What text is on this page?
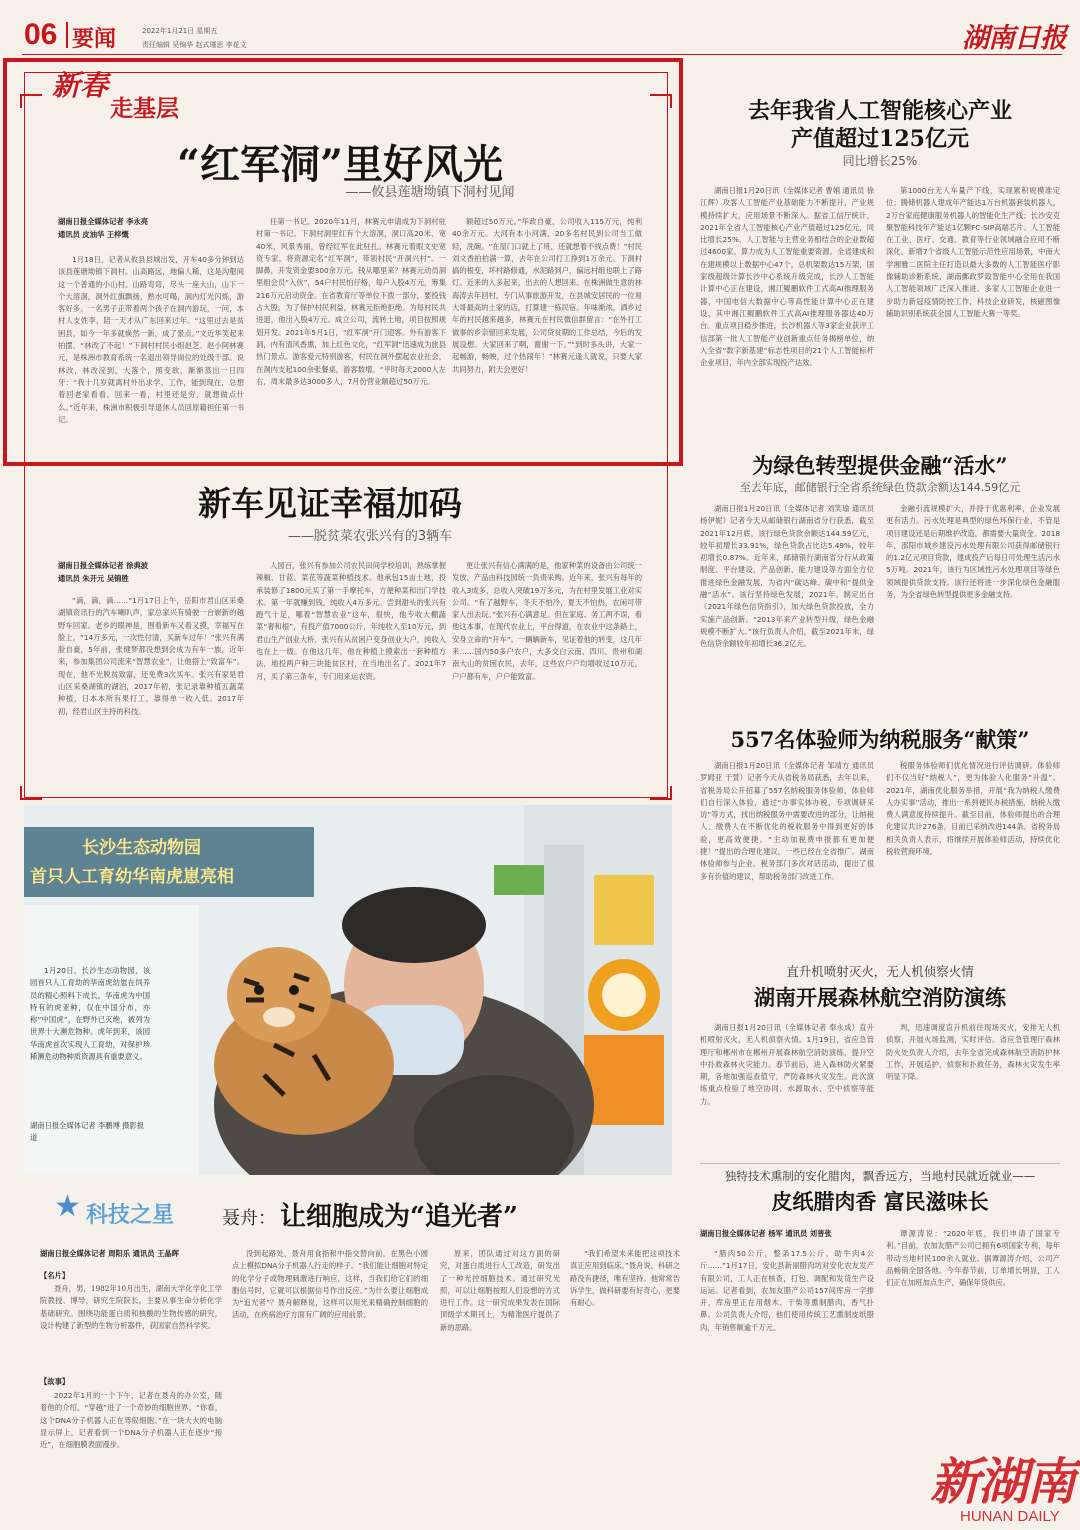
06 要闻	2022年1月21日 星期五
责任编辑 吴锦华 赵式瑾思 李花文	湖南日报
新春
走基层
“红军洞”里好风光
——攸县莲塘坳镇下洞村见闻
湖南日报全媒体记者 李永亮
通讯员 皮油华 王梓慨
1月18日，记者从攸县县城出发，开车40多分钟到达该县莲塘坳镇下洞村。山高路远，地偏人稀，这是沟壑间这一个普通的小山村。山路弯弯，尽头一座大山，山下一个大溶洞，洞外红旗飘扬，熟水可喝，洞内灯光闪烁，游客好多。一名男子正带着两个孩子在洞内游玩，一问，本村人支姓李，陪一天才从广东回来过年。“这里过去是贫困县，如今一年多就焕然一新，成了景点。”文近华笑起来拍摆，“林改了不起！”下洞村村民小组赵芝、赵小阿林赛元，是株洲市教育系统一名退出领导岗位的处级干部。说林改，林改浣到，大落个，照变欲，渐渐蒸出一日四牙：“我十几岁就离村外出求学、工作，能到现在，总想着回老家看看。回来一看，村里还是穷，就想做点什么。”近年来，株洲市积极引导退休人员回原籍担任第一书记。
任第一书记。2020年11月，林赛元申请成为下洞村驻村第一书记。下洞村洞里红有个大溶洞，洞口高20米、宽40米，风景秀丽，曾经红军在此驻扎。林赛元着眼文史宽资专家，将资源定名“红军洞”，带领村民“开洞兴村”。一脚鼻，开发资金要300余万元。钱从哪里来？林赛元动员洞里组会员“入伙”，54户村民怕仔格，每户入股4万元，筹集216万元启动资金。在省教育厅等单位下拨一部分，要投钱占大股，为了保护村民利益，林赛元拒绝拒绝。为每村民共进退，他出入股4万元。成立公司，流转土地，项目按照规划开发。2021年5月1日，“红军洞”开门迎客。外有游客下洞，内有清风香熏，加上红色文化，“红军洞”迅速成为旅县热门景点。游客爱元特别游客，村民在洞外摆起农业社会，在洞内支起100余张餐桌，游客数增。“平时每天2000人左右，周末最多达3000多人，7月份营业额超过50万元。
额超过50万元。”华政自豪，公司收入115万元，纯利40余万元。大河有本小河满，20多名村民到公司当工做轻，洗碗。“在屋门口就上了班，还就想着不找点费！”村民刘文香拍拍满一算，去年在公司打工挣到1万余元。下洞村搞的根变，坏村路修通，水泥路到户，偏远村组也联上了路灯。近来的入多起来，出去的人想回来。在株洲做生意的林海涛去年回村，专门从事旅游开发，在县城安居民的一位易大哥最高的土家的店，打算建一栋民宿。年味渐浓，洒乡过年的村民越来越多，林赛元在村民微信群留言：“在外打工做事的乡亲留回来发展，公司贷贫期的工作总结，今后的发展设想。大家回来了啊，谢谢一下。”“到时多头讲，大家一起畅游，畅映，过个热闹年！”林赛元逢人就说，只要大家共同努力，附天会更好！
新车见证幸福加码
——脱贫菜农张兴有的3辆车
湖南日报全媒体记者 徐典波
通讯员 朱开元 吴锦胜
“滴，滴，滴……”1月17日上午，岳阳市君山区采桑湖镇资讯行的汽车喇叭声，家总家兴有骑驶一台崭新的越野车回家。老乡的眼神是，围看新车又看又摸，幸福写在脸上。“14万多元，一次性付清，买新车过年！”张兴有满脸自豪，5年前，张健梦都没想到会成为有车一族，近年来，参加集团公司流来“智慧农业”，让他搭上“致富车”。现在，他不光脱贫致富，还免费3次买车。张兴有家是君山区采桑湖镇的湖泊，2017年初，张记录靠种植五蔬菜种植，日本本所有果打工，靠得单一收入低。2017年初，经君山区主持的科技。
人园百，张兴有参加公司农民田间学校培训，熟练掌握辣椒、甘蓝、菜花等蔬菜种植技术。他承包15亩土地，投承装修了1800元买了第一手摩托车，方便种菜和出门学技术。第一年就赚到钱，纯收入4万多元。尝到甜头的张兴有跑气十足，哪着“智慧农业”这车，很快，他专收大棚蔬菜“奢和根”，有投产值7000公斤，年纯收入至10万元，到君山生产创业大桥。张兴有从贫困户变身创业大户，纯收入也在上一级。在他这几年，他在种植上摸索出一套种植方法，地投两户种三块能贫区村，在当地出名了。2021年7月，买了第三条车，专门用来运农资。
更让张兴有信心满满的是，他家种菜的设备由公司统一发放，产品由科技园统一负责采购。近年来，张兴有每年的收入3成多，总收入突破19万多元，为在村里发展工业对实公司。“有了越野车，冬天不怕冷，夏天不怕热，农闲可带家人出去玩。”张兴有心满意足。但在家庭、务工两不误，看他这本事，在现代农业上，平台得道，在农业中这条路上，安身立命的“开车”。一辆辆新车，见证着他的转变，这几年来……国内50多户农户，大多交白云南、四川、贵州和湖南大山的贫困农民，去年，这些农户户均增收过10万元，户户都有车，户户能致富。
去年我省人工智能核心产业
产值超过125亿元
同比增长25%
湖南日报1月20日讯（全媒体记者 曹娟 通讯员 徐江辉）攻客人工智能产业基础能力不断提升，产业规模持续扩大，应用场景不断深入。据省工信厅统计，2021年全省人工智能核心产业产值超过125亿元，同比增长25%，人工智能与主营业务相结合的企业数超过4600家。算力成为人工智能重要资源。全省建成和在建规模以上数据中心47个，总机架数达15万架，国家级超级计算长沙中心系统升级完成，长沙人工智能计算中心正在建设，湘江鲲鹏软件工式高AI推理服务器，中国电信大数据中心等高性能计算中心正在建设，其中湘江鲲鹏软件工式高AI推理服务器达40万台。重点项目稳步推进，长沙机器人等3家企业获评工信部第一批人工智能产业创新重点任务揭榜单位，纳入全省“数字新基建”标志性项目的21个人工智能标杆企业项目，年内全部实现投产达效。
第1000台无人车量产下线，实现累积规模准定位；腾储机器人建成年产能达1万台机器套装机器人，2万台家庭健康服务机器人的智能化生产线；长沙安克聚智能科技年产能达1亿颗FC-SIP高端芯片。人工智能在工业、医疗、交通、教育等行业领域融合应用不断深化。新增7个省级人工智能示范性应用场景，中南大学湘雅二医院主任打造以最大多数的人工智能医疗影像辅助诊断系统，湖南郵政罗致智能中心全用在我国人工智能领域广泛深入推进。多家人工智能企业进一步助力新冠疫情防控工作，科技企业研发，核磁图像辅助识别系统获全国人工智能大赛一等奖。
为绿色转型提供金融“活水”
至去年底，邮储银行全省系统绿色贷款余额达144.59亿元
湖南日报1月20日讯（全媒体记者 刘笑瑜 通讯员 杨伊妮）记者今天从邮储银行湖南省分行获悉，截至2021年12月底，该行绿色贷款余额达144.59亿元，较年初增长33.91%，绿色贷款占比达5.49%，较年初增长0.87%。近年来，邮储银行湖南省分行从政策制度、平台建设、产品创新、能力建设等方面全方位推进绿色金融发展，为省内“碳达峰、碳中和”提供金融“活水”。该行坚持绿色发展，2021年，制定出台《2021年绿色信贷指引》，加大绿色贷款投放，全力实施产品创新。“2013年来产业转型升级，绿色金融规模不断扩大。”该行负责人介绍，截至2021年末，绿色信贷余额较年初增长36.2亿元。
金融引流规模扩大，并持于优惠利率，企业发展更有活力。污水处理是典型的绿色环保行业，不管是项目建设还是后期维护改造，都需要大量资金。2018年，邵阳市城乡建设污水处理有限公司获得邮储银行的1.2亿元项目贷款，建成投产后每日可处理生活污水5万吨。2021年，该行为区域性污水处理项目等绿色领域提供贷款支持。该行还将进一步深化绿色金融服务，为全省绿色转型提供更多金融支持。
557名体验师为纳税服务“献策”
湖南日报1月20日讯（全媒体记者 邹靖方 通讯员 罗姆亚 于萱）记者今天从省税务局获悉，去年以来，省税务局公开招募了557名纳税服务体验师，体验师们自行深入体验，通过“办事实体办税，专项调研采访”等方式，找出纳税服务中需要改进的部分，让纳税人、缴费人在不断优化的税收服务中得到更好的体验，更高效便捷。“主动加税费申报都有更加便捷！”提出的合理化建议，一些已经在全省推广。湖南体验师参与企业、税务部门多次对话活动，提出了很多有价值的建议，帮助税务部门改进工作。
税服务体验师们优化情况进行评估调研。体验师们不仅当好“纳税人”，更为体验人化服务“升温”。2021年，湖南优化服务举措，开展“我为纳税人缴费人办实事”活动，推出一系列便民办税措施，纳税人缴费人满意度持续提升。截至目前，体验师提出的合理化建议共计276条，目前已采纳改进144条。省税务局相关负责人表示，将继续开展体验师活动，持续优化税收营商环境。
直升机喷射灭火，无人机侦察火情
湖南开展森林航空消防演练
湖南日报1月20日讯（全媒体记者 奉永成）直升机喷射灭火，无人机侦察火情。1月19日，省应急管理厅和郴州市在郴州开展森林航空消防演练，提升空中扑救森林火灾能力。春节前后，进入森林防火紧要期，各地加强巡查值守，严防森林火灾发生。此次演练重点检验了地空协同、水源取水、空中侦察等能力。
判，迅速调度直升机前往现场灭火，安排无人机侦察，开展火场监测，实时评估。省应急管理厅森林防火处负责人介绍，去年全省完成森林航空消防护林工作，开展巡护、侦察和扑救任务，森林火灾发生率明显下降。
独特技术熏制的安化腊肉，飘香远方，当地村民就近就业——
皮纸腊肉香 富民滋味长
湖南日报全媒体记者 杨军 通讯员 刘普张
“腊肉50公斤，整条17.5公斤，助牛肉4公斤……”1月17日，安化县新丽腊肉坊对安化农友发产有限公司，工人正在核查，打包、调配和发货生产设运运。记者看到，农加友腊产公司157间库房一字排开，库房里正在用烟木、干柴等熏制腊肉，香气扑鼻。公司负责人介绍，他们使用传统工艺熏制皮纸腊肉，年销售额逾千万元。
谭源涛说：“2020年底，我们申请了国家专利。”目前，农加友腊产公司已拥有6项国家专利，每年带动当地村民100余人就业。据谭源涛介绍，公司产品畅销全国各地。今年春节前，订单增长明显，工人们正在加班加点生产，确保年货供应。
长沙生态动物园
首只人工育幼华南虎崽亮相
1月20日，长沙生态动物园，该园首只人工育幼的华南虎幼崽在饲养员的精心照料下成长。华南虎为中国特有的虎亚种，仅在中国分布，亦称“中国虎”，在野外已灭绝，被列为世界十大濒危物种。虎年到来，该园华南虎首次实现人工育幼，对保护珍稀濒危动物种质资源具有重要意义。
湖南日报全媒体记者 李鹏博 摄影报道
★ 科技之星	聂舟： 让细胞成为“追光者”
湖南日报全媒体记者 周阳乐 通讯员 王晶晖
【名片】
聂舟，男，1982年10月出生，湖南大学化学化工学院教授、博导，研究生院院长，主要从事生命分析化学基础研究。围绕功能蛋白质和核酸的生物传感的研究，设计构建了新型的生物分析器件，获国家自然科学奖。
【故事】
2022年1月的一个下午，记者在聂舟的办公室，随着他的介绍，“穿越”进了一个奇妙的细胞世界。“你看，这个DNA分子机器人正在驾驭细胞。”在一块大大的电脑显示屏上，记者看到一个DNA分子机器人正在逐步“接近”，在细胞膜表面漫步。
没到起路处，聂舟用食指和中指交替向前，在黑色小圆点上模拟DNA分子机器人行走的样子。“我们能让细胞对特定的化学分子或物理刺激进行响应，这样，当我们给它们的细胞信号时，它就可以根据信号作出反应。”为什么要让细胞成为“追光者”？聂舟解释说，这样可以用光来精确控制细胞的活动，在疾病治疗方面有广阔的应用前景。
原来，团队通过对这方面的研究，对蛋白质进行人工改造，研发出了一种光控细胞技术。通过研究光照，可以让细胞按照人们设想的方式进行工作。这一研究成果发表在国际顶级学术期刊上，为精准医疗提供了新的思路。
“我们希望未来能把这项技术真正应用到临床。”聂舟说，科研之路没有捷径，唯有坚持。他常常告诉学生，做科研要有好奇心，更要有耐心。
新湖南
HUNAN DAILY
